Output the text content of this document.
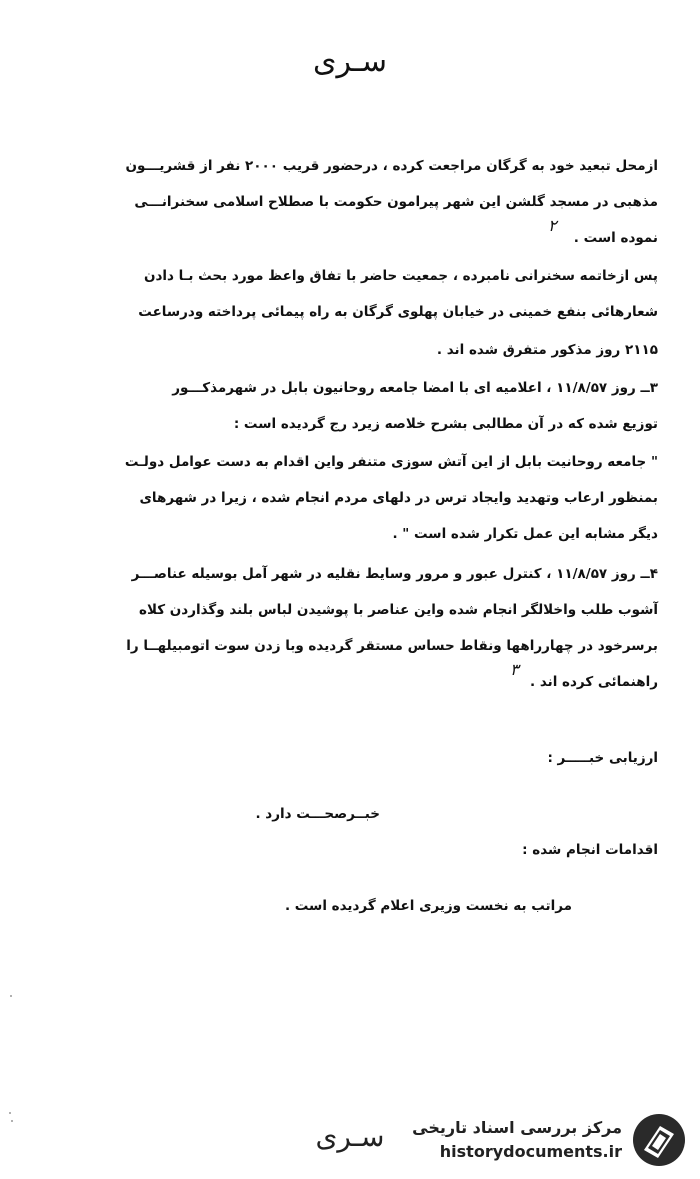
سـری
ازمحل تبعید خود به گرگان مراجعت کرده ، درحضور قریب ۲۰۰۰ نفر از قشریـــون
مذهبی در مسجد گلشن این شهر پیرامون حکومت با صطلاح اسلامی سخنرانـــی
نموده است .
۲
پس ازخاتمه سخنرانی نامبرده ، جمعیت حاضر با تفاق واعظ مورد بحث بـا دادن
شعارهائی بنفع خمینی در خیابان پهلوی گرگان به راه پیمائی پرداخته ودرساعت
۲۱۱۵ روز مذکور متفرق شده اند .
۳ــ روز ۱۱/۸/۵۷ ، اعلامیه ای با امضا جامعه روحانیون بابل در شهرمذکـــور
توزیع شده که در آن مطالبی بشرح خلاصه زیرد رج گردیده است :
" جامعه روحانیت بابل از این آتش سوزی متنفر واین اقدام به دست عوامل دولـت
بمنظور ارعاب وتهدید وایجاد ترس در دلهای مردم انجام شده ، زیرا در شهرهای
دیگر مشابه این عمل تکرار شده است " .
۴ــ روز ۱۱/۸/۵۷ ، کنترل عبور و مرور وسایط نقلیه در شهر آمل بوسیله عناصـــر
آشوب طلب واخلالگر انجام شده واین عناصر با پوشیدن لباس بلند وگذاردن کلاه
برسرخود در چهارراهها ونقاط حساس مستقر گردیده وبا زدن سوت اتومبیلهــا را
راهنمائی کرده اند .
۳
ارزیابی خبـــــر :
خبــرصحـــت دارد .
اقدامات انجام شده :
مراتب به نخست وزیری اعلام گردیده است .
سـری	مرکز بررسی اسناد تاریخی
historydocuments.ir
